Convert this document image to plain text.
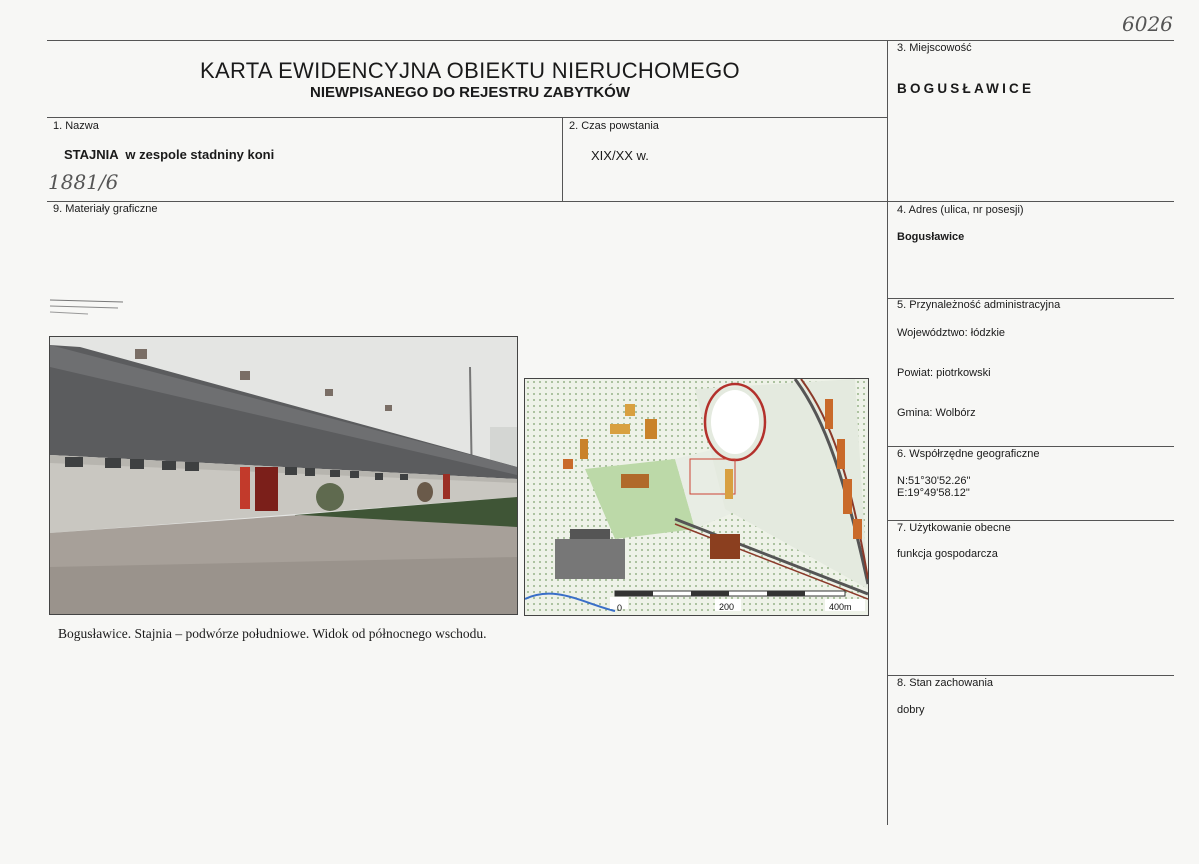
KARTA EWIDENCYJNA OBIEKTU NIERUCHOMEGO
NIEWPISANEGO DO REJESTRU ZABYTKÓW
6026
1881/6
3. Miejscowość
BOGUSŁAWICE
1. Nazwa
STAJNIA  w zespole stadniny koni
2. Czas powstania
XIX/XX w.
9. Materiały graficzne	4. Adres (ulica, nr posesji)
Bogusławice
5. Przynależność administracyjna
Województwo: łódzkie
Powiat: piotrkowski
Gmina: Wolbórz
6. Współrzędne geograficzne
N:51°30'52.26"
E:19°49'58.12"
7. Użytkowanie obecne
funkcja gospodarcza
8. Stan zachowania
dobry
0	200	400m
Bogusławice. Stajnia – podwórze południowe. Widok od północnego wschodu.
